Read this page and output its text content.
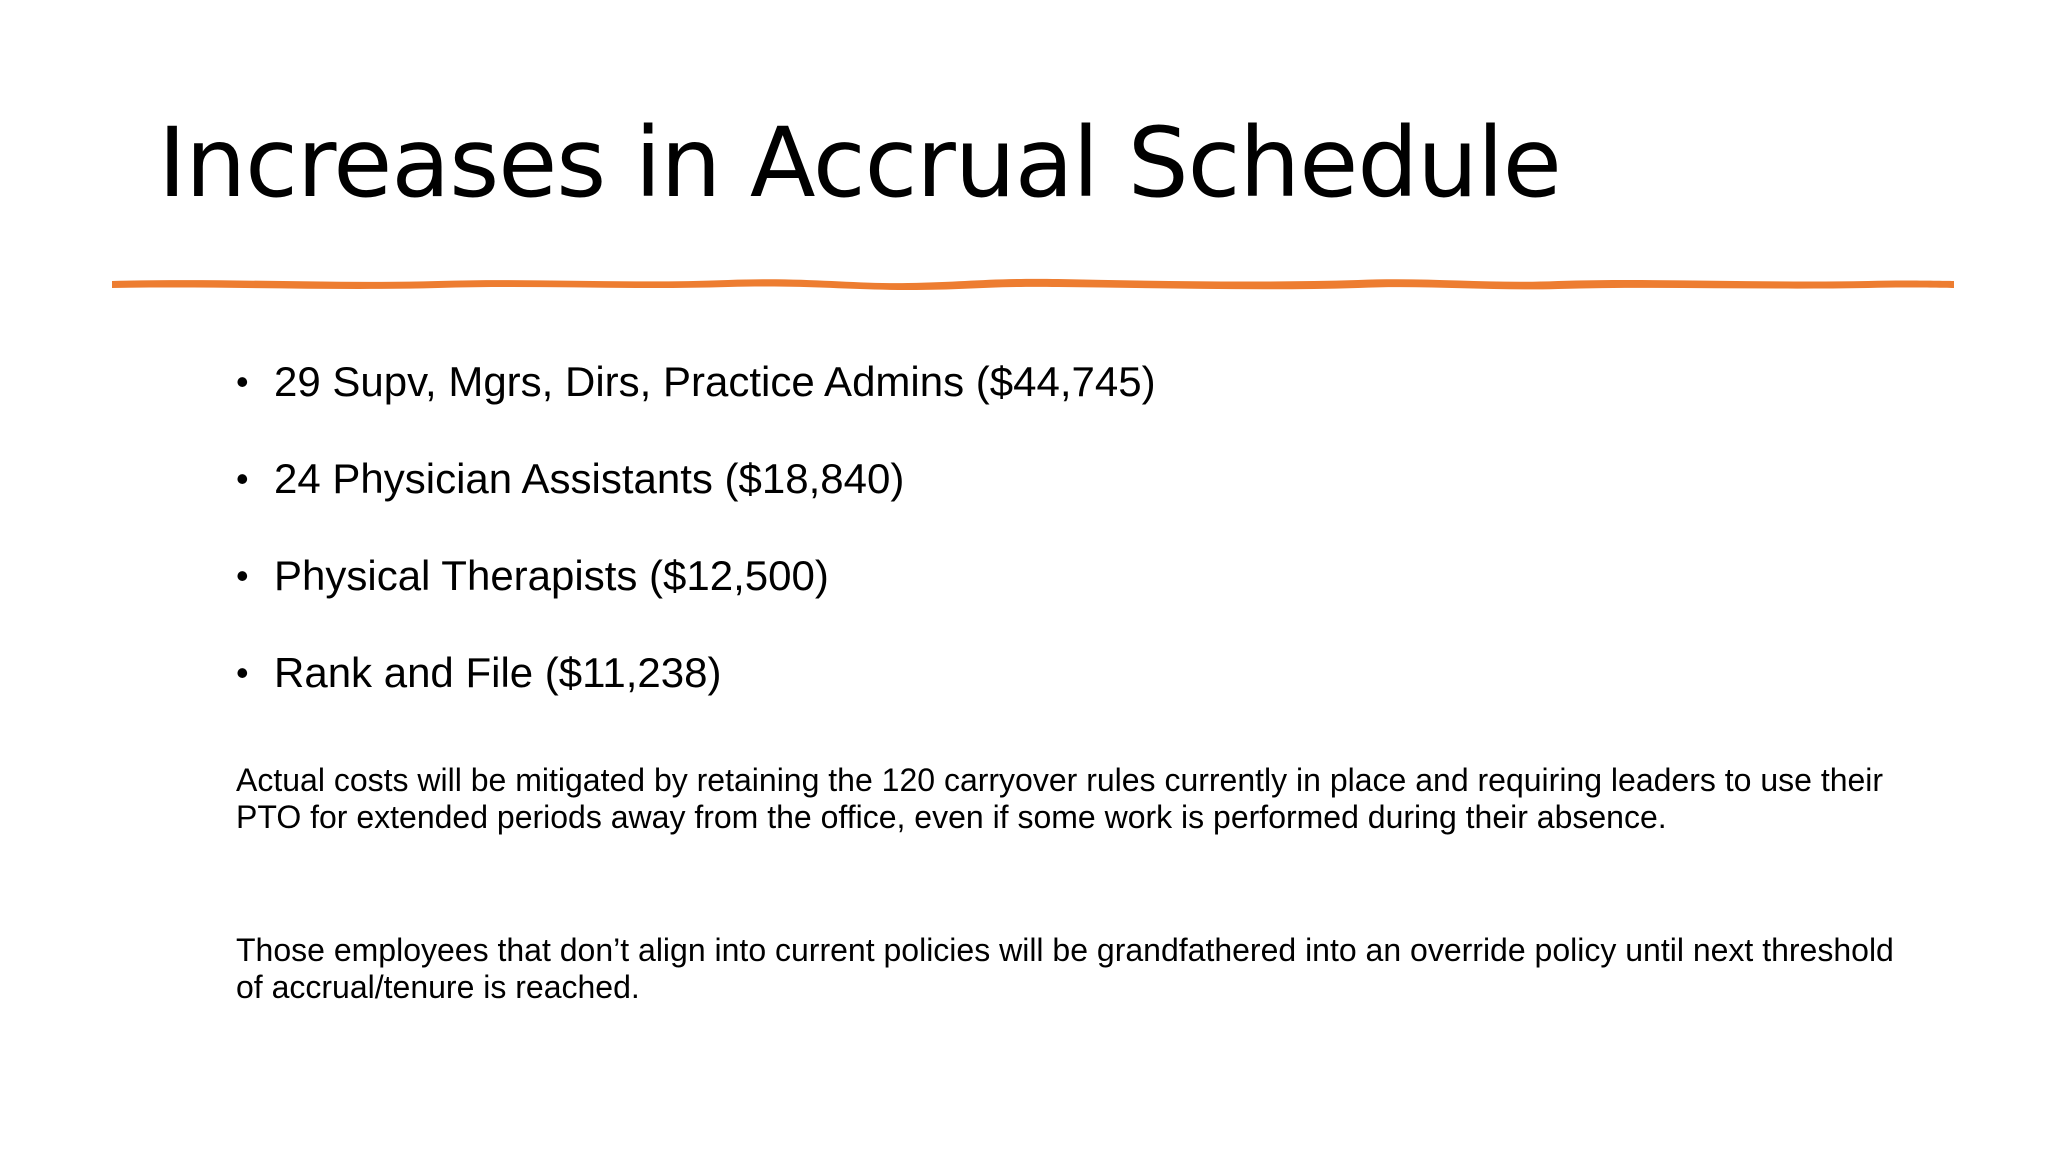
Increases in Accrual Schedule
• 29 Supv, Mgrs, Dirs, Practice Admins ($44,745)
• 24 Physician Assistants ($18,840)
• Physical Therapists ($12,500)
• Rank and File ($11,238)

Actual costs will be mitigated by retaining the 120 carryover rules currently in place and requiring leaders to use their PTO for extended periods away from the office, even if some work is performed during their absence.

Those employees that don’t align into current policies will be grandfathered into an override policy until next threshold of accrual/tenure is reached.
